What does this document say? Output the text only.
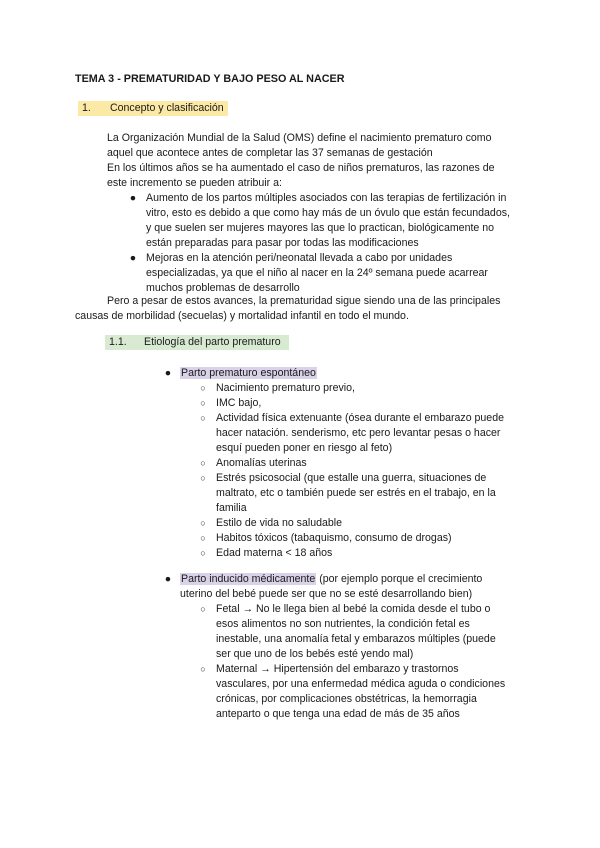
TEMA 3 - PREMATURIDAD Y BAJO PESO AL NACER
1. Concepto y clasificación
La Organización Mundial de la Salud (OMS) define el nacimiento prematuro como
aquel que acontece antes de completar las 37 semanas de gestación
En los últimos años se ha aumentado el caso de niños prematuros, las razones de
este incremento se pueden atribuir a:
● Aumento de los partos múltiples asociados con las terapias de fertilización in
vitro, esto es debido a que como hay más de un óvulo que están fecundados,
y que suelen ser mujeres mayores las que lo practican, biológicamente no
están preparadas para pasar por todas las modificaciones
● Mejoras en la atención peri/neonatal llevada a cabo por unidades
especializadas, ya que el niño al nacer en la 24º semana puede acarrear
muchos problemas de desarrollo
Pero a pesar de estos avances, la prematuridad sigue siendo una de las principales
causas de morbilidad (secuelas) y mortalidad infantil en todo el mundo.
1.1. Etiología del parto prematuro
● Parto prematuro espontáneo
○ Nacimiento prematuro previo,
○ IMC bajo,
○ Actividad física extenuante (ósea durante el embarazo puede
hacer natación. senderismo, etc pero levantar pesas o hacer
esquí pueden poner en riesgo al feto)
○ Anomalías uterinas
○ Estrés psicosocial (que estalle una guerra, situaciones de
maltrato, etc o también puede ser estrés en el trabajo, en la
familia
○ Estilo de vida no saludable
○ Habitos tóxicos (tabaquismo, consumo de drogas)
○ Edad materna < 18 años
● Parto inducido médicamente (por ejemplo porque el crecimiento
uterino del bebé puede ser que no se esté desarrollando bien)
○ Fetal → No le llega bien al bebé la comida desde el tubo o
esos alimentos no son nutrientes, la condición fetal es
inestable, una anomalía fetal y embarazos múltiples (puede
ser que uno de los bebés esté yendo mal)
○ Maternal → Hipertensión del embarazo y trastornos
vasculares, por una enfermedad médica aguda o condiciones
crónicas, por complicaciones obstétricas, la hemorragia
anteparto o que tenga una edad de más de 35 años
